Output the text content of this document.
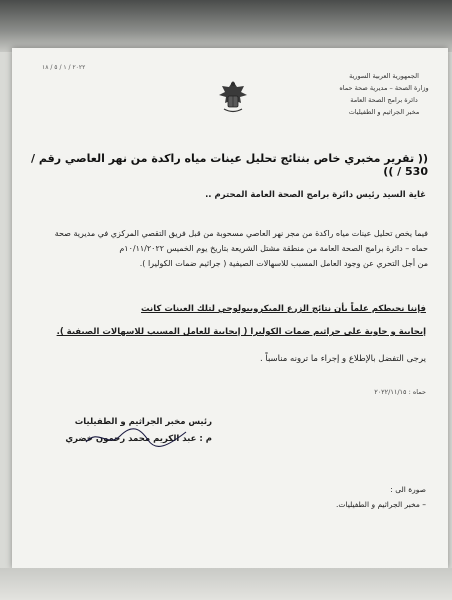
٢٠٢٢ / ١ / ٥ / ١٨
الجمهورية العربية السورية
وزارة الصحة – مديرية صحة حماه
دائرة برامج الصحة العامة
مخبر الجراثيم و الطفيليات
(( تقرير مخبري خاص بنتائج تحليل عينات مياه راكدة من نهر العاصي رقم / 530 / ))
غاية السيد رئيس دائرة برامج الصحة العامة المحترم ..
فيما يخص تحليل عينات مياه راكدة من مجر نهر العاصي مسحوبة من قبل فريق التقصي المركزي في مديرية صحة
حماه – دائرة برامج الصحة العامة من منطقة مشتل الشريعة بتاريخ يوم الخميس ١٠/١١/٢٠٢٢م
من أجل التحري عن وجود العامل المسبب للاسهالات الصيفية ( جراثيم ضمات الكوليرا ).
فإننا نحيطكم علماً بأن نتائج الزرع الميكروبيولوجي لتلك العينات كانت
إيجابية و حاوية على جراثيم ضمات الكوليرا ( إيجابية للعامل المسبب للاسهالات الصيفية ).
يرجى التفضل بالإطلاع و إجراء ما ترونه مناسباً .
حماه : ٢٠٢٢/١١/١٥
رئيس مخبر الجراثيم و الطفيليات
م : عبد الكريم محمد رحمون خضري
صورة الى :
– مخبر الجراثيم و الطفيليات.
